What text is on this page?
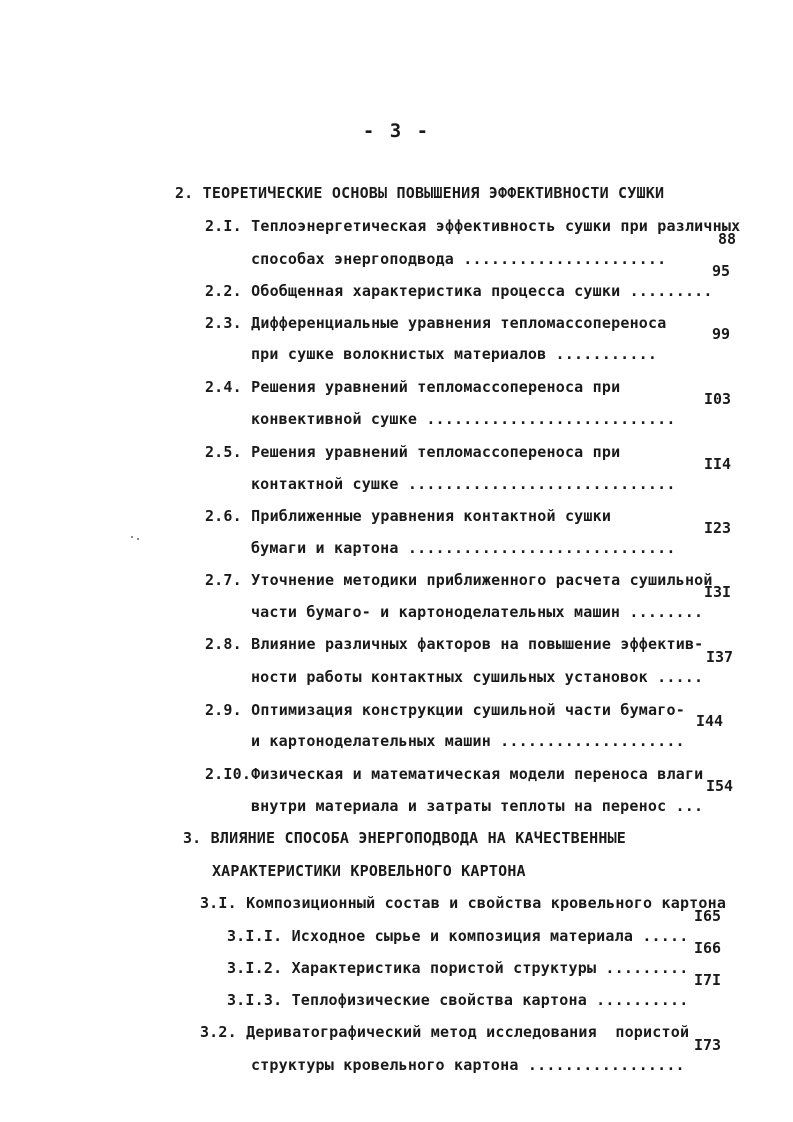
- 3 -

2. ТЕОРЕТИЧЕСКИЕ ОСНОВЫ ПОВЫШЕНИЯ ЭФФЕКТИВНОСТИ СУШКИ

2.I. Теплоэнергетическая эффективность сушки при различных

способах энергоподвода ......................

88

2.2. Обобщенная характеристика процесса сушки .........

95

2.3. Дифференциальные уравнения тепломассопереноса

при сушке волокнистых материалов ...........

99

2.4. Решения уравнений тепломассопереноса при

конвективной сушке ...........................

I03

2.5. Решения уравнений тепломассопереноса при

контактной сушке .............................

II4

2.6. Приближенные уравнения контактной сушки

бумаги и картона .............................

I23

2.7. Уточнение методики приближенного расчета сушильной

части бумаго- и картоноделательных машин ........

I3I

2.8. Влияние различных факторов на повышение эффектив-

ности работы контактных сушильных установок .....

I37

2.9. Оптимизация конструкции сушильной части бумаго-

и картоноделательных машин ....................

I44

2.I0.Физическая и математическая модели переноса влаги

внутри материала и затраты теплоты на перенос ...

I54

3. ВЛИЯНИЕ СПОСОБА ЭНЕРГОПОДВОДА НА КАЧЕСТВЕННЫЕ

ХАРАКТЕРИСТИКИ КРОВЕЛЬНОГО КАРТОНА

3.I. Композиционный состав и свойства кровельного картона

3.I.I. Исходное сырье и композиция материала .....

I65

3.I.2. Характеристика пористой структуры .........

I66

3.I.3. Теплофизические свойства картона ..........

I7I

3.2. Дериватографический метод исследования  пористой

структуры кровельного картона .................

I73
